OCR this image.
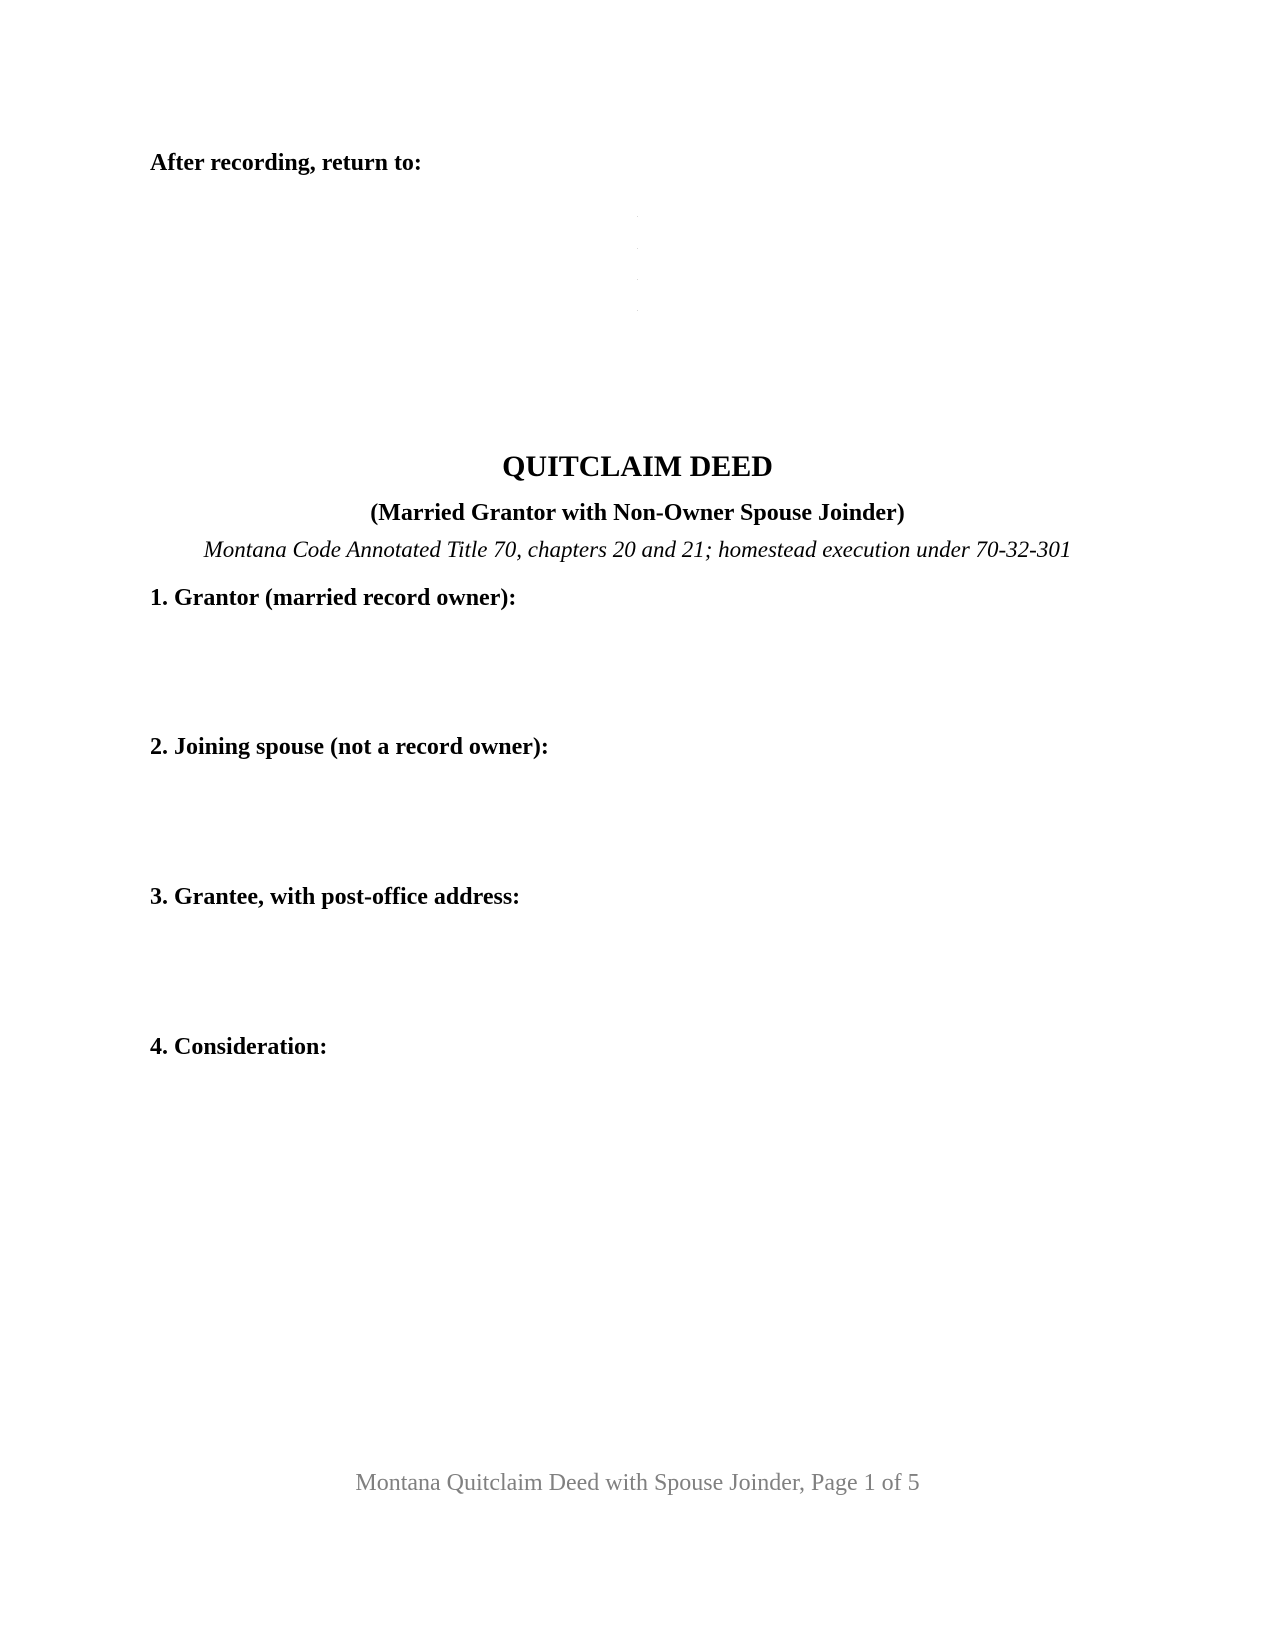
After recording, return to:
QUITCLAIM DEED
(Married Grantor with Non-Owner Spouse Joinder)
Montana Code Annotated Title 70, chapters 20 and 21; homestead execution under 70-32-301
1. Grantor (married record owner):
2. Joining spouse (not a record owner):
3. Grantee, with post-office address:
4. Consideration:
Montana Quitclaim Deed with Spouse Joinder, Page 1 of 5
